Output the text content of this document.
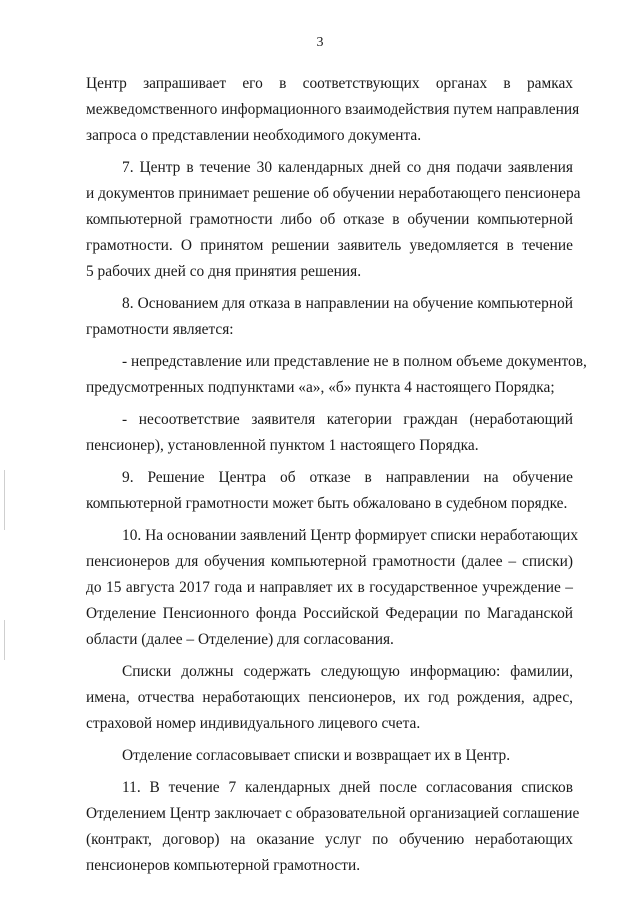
3
Центр запрашивает его в соответствующих органах в рамках
межведомственного информационного взаимодействия путем направления
запроса о представлении необходимого документа.
7. Центр в течение 30 календарных дней со дня подачи заявления
и документов принимает решение об обучении неработающего пенсионера
компьютерной грамотности либо об отказе в обучении компьютерной
грамотности. О принятом решении заявитель уведомляется в течение
5 рабочих дней со дня принятия решения.
8. Основанием для отказа в направлении на обучение компьютерной
грамотности является:
- непредставление или представление не в полном объеме документов,
предусмотренных подпунктами «а», «б» пункта 4 настоящего Порядка;
- несоответствие заявителя категории граждан (неработающий
пенсионер), установленной пунктом 1 настоящего Порядка.
9. Решение Центра об отказе в направлении на обучение
компьютерной грамотности может быть обжаловано в судебном порядке.
10. На основании заявлений Центр формирует списки неработающих
пенсионеров для обучения компьютерной грамотности (далее – списки)
до 15 августа 2017 года и направляет их в государственное учреждение –
Отделение Пенсионного фонда Российской Федерации по Магаданской
области (далее – Отделение) для согласования.
Списки должны содержать следующую информацию: фамилии,
имена, отчества неработающих пенсионеров, их год рождения, адрес,
страховой номер индивидуального лицевого счета.
Отделение согласовывает списки и возвращает их в Центр.
11. В течение 7 календарных дней после согласования списков
Отделением Центр заключает с образовательной организацией соглашение
(контракт, договор) на оказание услуг по обучению неработающих
пенсионеров компьютерной грамотности.
